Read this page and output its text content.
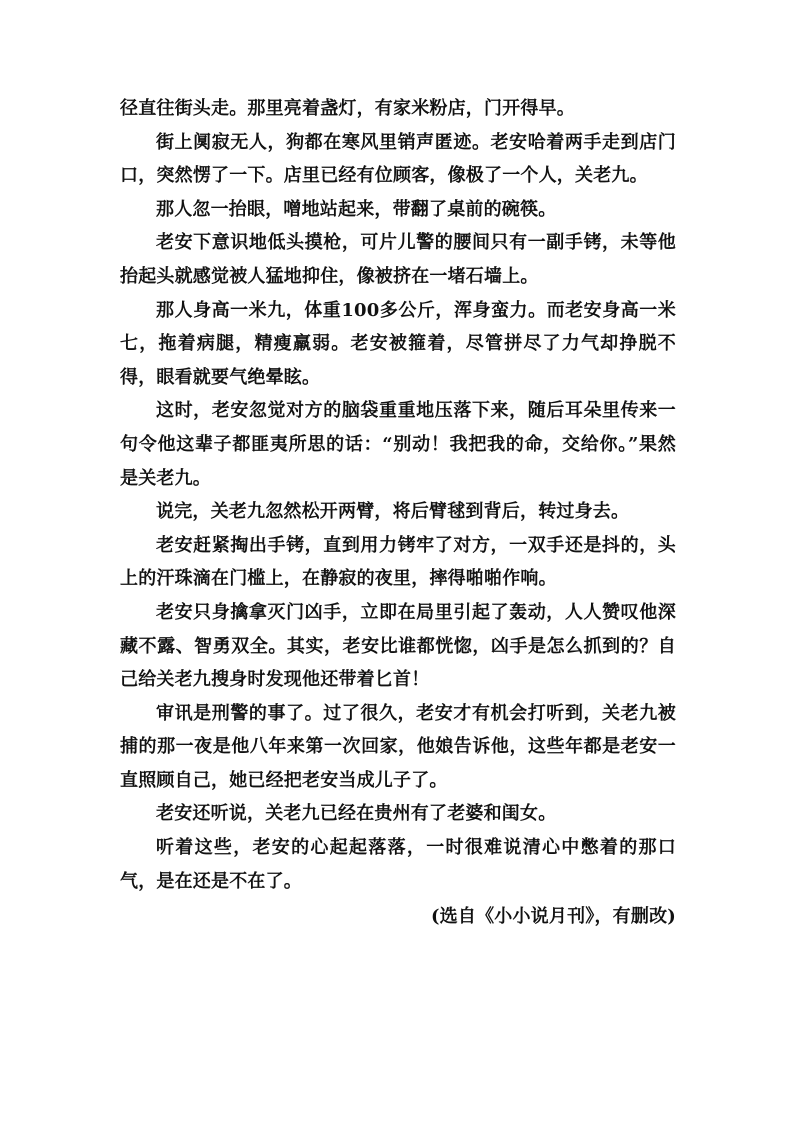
径直往街头走。那里亮着盏灯，有家米粉店，门开得早。

街上阒寂无人，狗都在寒风里销声匿迹。老安哈着两手走到店门口，突然愣了一下。店里已经有位顾客，像极了一个人，关老九。

那人忽一抬眼，噌地站起来，带翻了桌前的碗筷。

老安下意识地低头摸枪，可片儿警的腰间只有一副手铐，未等他抬起头就感觉被人猛地抑住，像被挤在一堵石墙上。

那人身高一米九，体重100多公斤，浑身蛮力。而老安身高一米七，拖着病腿，精瘦羸弱。老安被箍着，尽管拼尽了力气却挣脱不得，眼看就要气绝晕眩。

这时，老安忽觉对方的脑袋重重地压落下来，随后耳朵里传来一句令他这辈子都匪夷所思的话：“别动！我把我的命，交给你。”果然是关老九。

说完，关老九忽然松开两臂，将后臂毬到背后，转过身去。

老安赶紧掏出手铐，直到用力铐牢了对方，一双手还是抖的，头上的汗珠滴在门槛上，在静寂的夜里，摔得啪啪作响。

老安只身擒拿灭门凶手，立即在局里引起了轰动，人人赞叹他深藏不露、智勇双全。其实，老安比谁都恍惚，凶手是怎么抓到的？自己给关老九搜身时发现他还带着匕首！

审讯是刑警的事了。过了很久，老安才有机会打听到，关老九被捕的那一夜是他八年来第一次回家，他娘告诉他，这些年都是老安一直照顾自己，她已经把老安当成儿子了。

老安还听说，关老九已经在贵州有了老婆和闺女。

听着这些，老安的心起起落落，一时很难说清心中憋着的那口气，是在还是不在了。

(选自《小小说月刊》，有删改)
